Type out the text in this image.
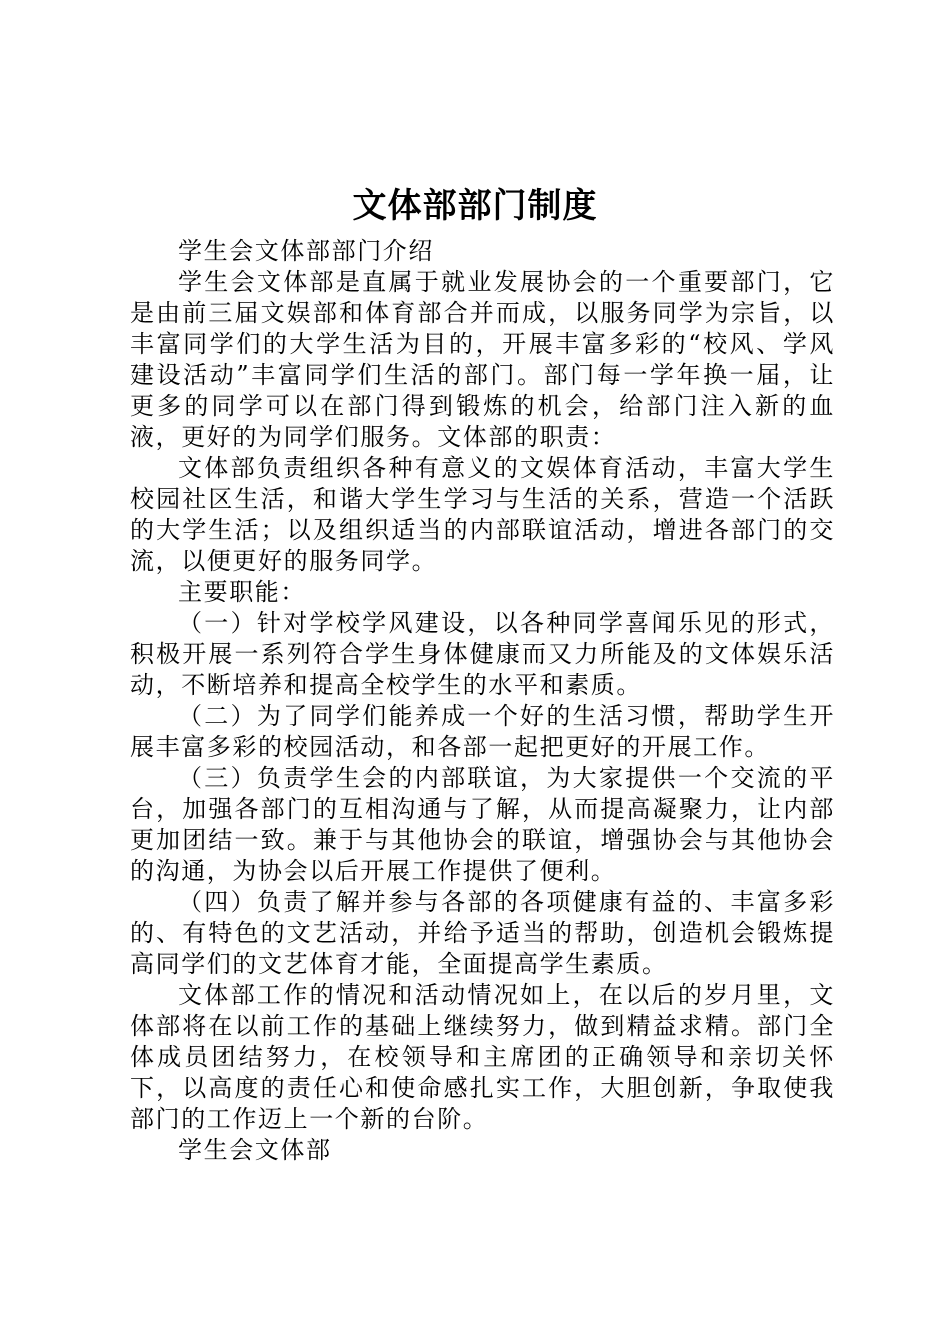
文体部部门制度

学生会文体部部门介绍

学生会文体部是直属于就业发展协会的一个重要部门，它是由前三届文娱部和体育部合并而成，以服务同学为宗旨，以丰富同学们的大学生活为目的，开展丰富多彩的“校风、学风建设活动”丰富同学们生活的部门。部门每一学年换一届，让更多的同学可以在部门得到锻炼的机会，给部门注入新的血液，更好的为同学们服务。文体部的职责：

文体部负责组织各种有意义的文娱体育活动，丰富大学生校园社区生活，和谐大学生学习与生活的关系，营造一个活跃的大学生活；以及组织适当的内部联谊活动，增进各部门的交流，以便更好的服务同学。

主要职能：

（一）针对学校学风建设，以各种同学喜闻乐见的形式，积极开展一系列符合学生身体健康而又力所能及的文体娱乐活动，不断培养和提高全校学生的水平和素质。

（二）为了同学们能养成一个好的生活习惯，帮助学生开展丰富多彩的校园活动，和各部一起把更好的开展工作。

（三）负责学生会的内部联谊，为大家提供一个交流的平台，加强各部门的互相沟通与了解，从而提高凝聚力，让内部更加团结一致。兼于与其他协会的联谊，增强协会与其他协会的沟通，为协会以后开展工作提供了便利。

（四）负责了解并参与各部的各项健康有益的、丰富多彩的、有特色的文艺活动，并给予适当的帮助，创造机会锻炼提高同学们的文艺体育才能，全面提高学生素质。

文体部工作的情况和活动情况如上，在以后的岁月里，文体部将在以前工作的基础上继续努力，做到精益求精。部门全体成员团结努力，在校领导和主席团的正确领导和亲切关怀下，以高度的责任心和使命感扎实工作，大胆创新，争取使我部门的工作迈上一个新的台阶。

学生会文体部
